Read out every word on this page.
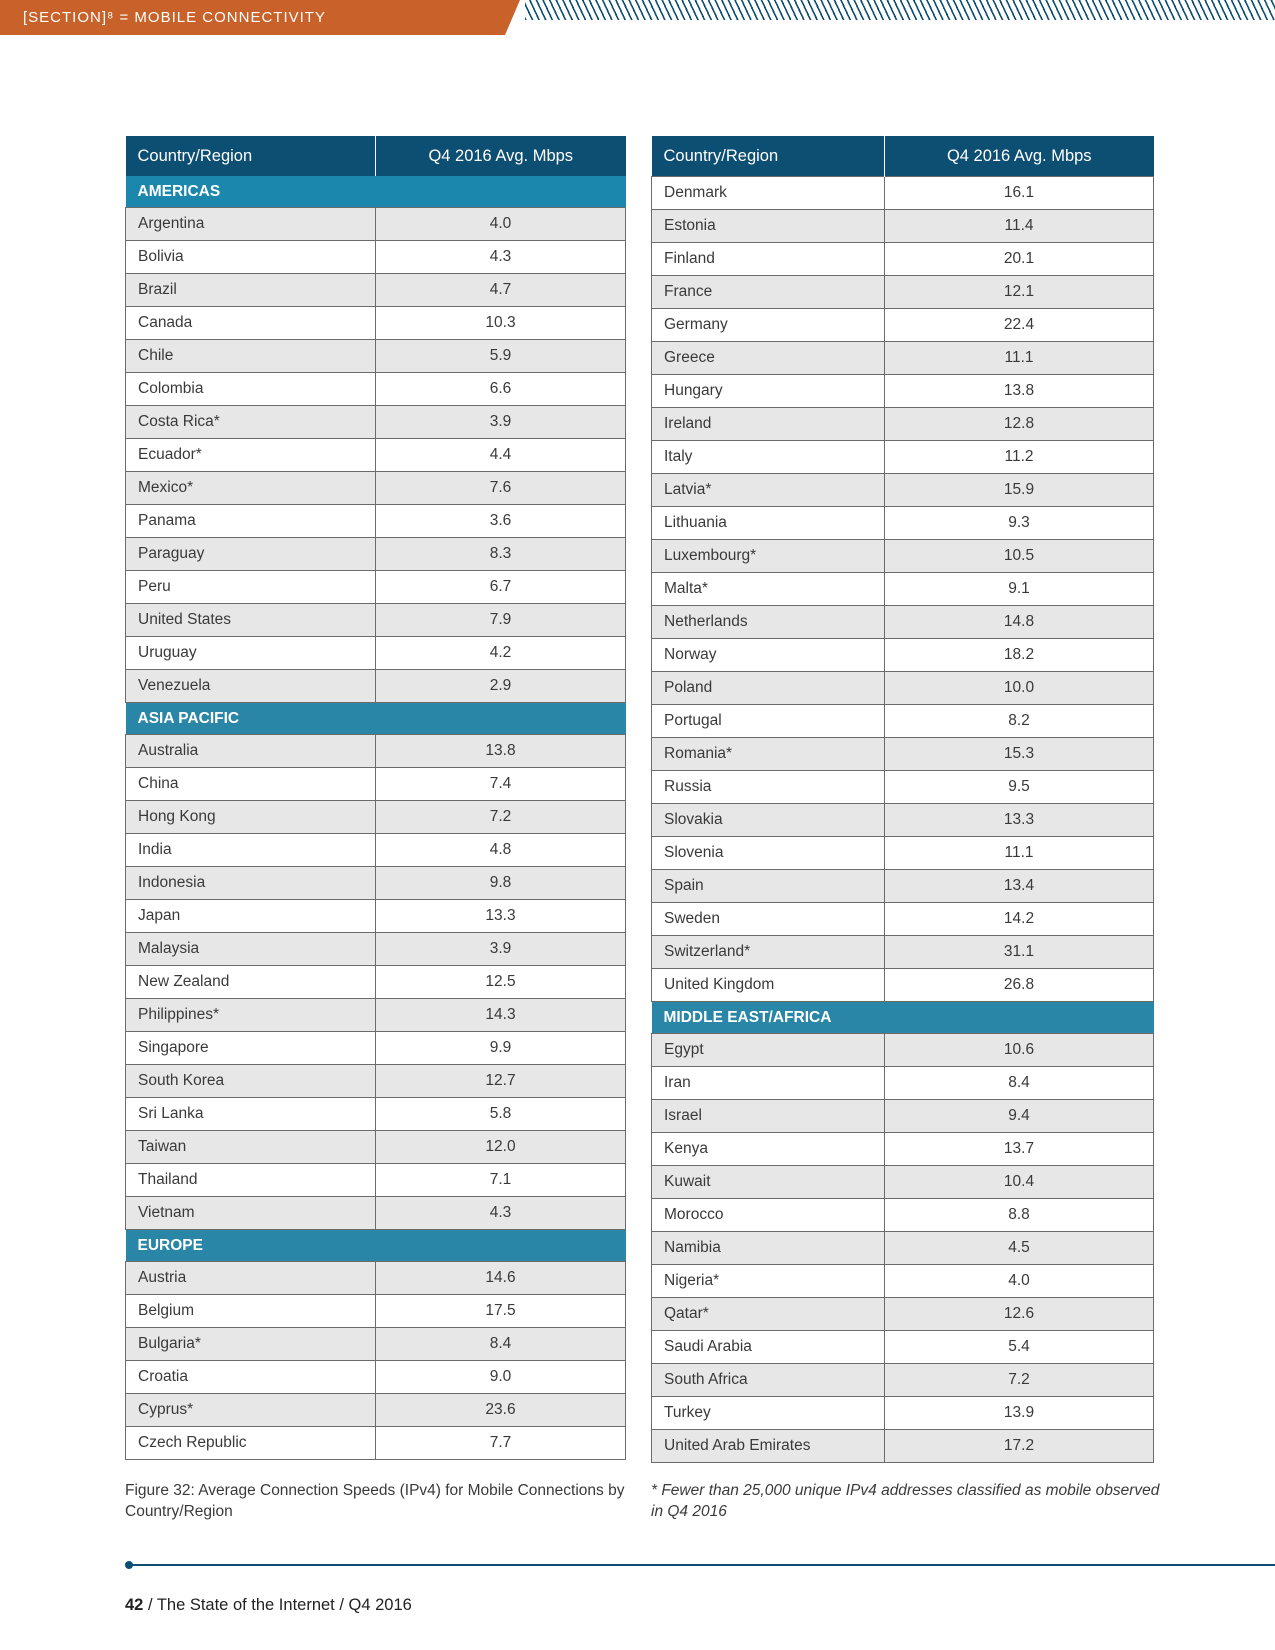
[SECTION]⁸ = MOBILE CONNECTIVITY
Country/Region	Q4 2016 Avg. Mbps
AMERICAS	
Argentina	4.0
Bolivia	4.3
Brazil	4.7
Canada	10.3
Chile	5.9
Colombia	6.6
Costa Rica*	3.9
Ecuador*	4.4
Mexico*	7.6
Panama	3.6
Paraguay	8.3
Peru	6.7
United States	7.9
Uruguay	4.2
Venezuela	2.9
ASIA PACIFIC	
Australia	13.8
China	7.4
Hong Kong	7.2
India	4.8
Indonesia	9.8
Japan	13.3
Malaysia	3.9
New Zealand	12.5
Philippines*	14.3
Singapore	9.9
South Korea	12.7
Sri Lanka	5.8
Taiwan	12.0
Thailand	7.1
Vietnam	4.3
EUROPE	
Austria	14.6
Belgium	17.5
Bulgaria*	8.4
Croatia	9.0
Cyprus*	23.6
Czech Republic	7.7
Country/Region	Q4 2016 Avg. Mbps
Denmark	16.1
Estonia	11.4
Finland	20.1
France	12.1
Germany	22.4
Greece	11.1
Hungary	13.8
Ireland	12.8
Italy	11.2
Latvia*	15.9
Lithuania	9.3
Luxembourg*	10.5
Malta*	9.1
Netherlands	14.8
Norway	18.2
Poland	10.0
Portugal	8.2
Romania*	15.3
Russia	9.5
Slovakia	13.3
Slovenia	11.1
Spain	13.4
Sweden	14.2
Switzerland*	31.1
United Kingdom	26.8
MIDDLE EAST/AFRICA	
Egypt	10.6
Iran	8.4
Israel	9.4
Kenya	13.7
Kuwait	10.4
Morocco	8.8
Namibia	4.5
Nigeria*	4.0
Qatar*	12.6
Saudi Arabia	5.4
South Africa	7.2
Turkey	13.9
United Arab Emirates	17.2
Figure 32: Average Connection Speeds (IPv4) for Mobile Connections by Country/Region
* Fewer than 25,000 unique IPv4 addresses classified as mobile observed in Q4 2016
42 / The State of the Internet / Q4 2016
